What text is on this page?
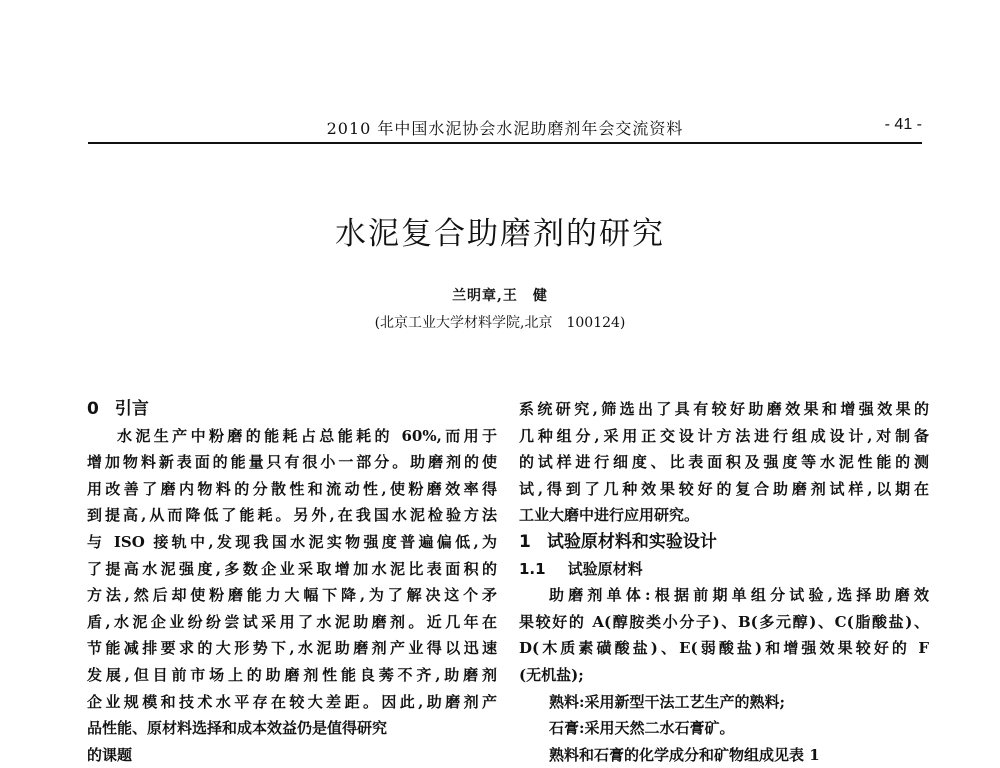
2010 年中国水泥协会水泥助磨剂年会交流资料	- 41 -
水泥复合助磨剂的研究
兰明章,王　健
(北京工业大学材料学院,北京　100124)
0 引言
水泥生产中粉磨的能耗占总能耗的 60%,而用于
增加物料新表面的能量只有很小一部分。助磨剂的使
用改善了磨内物料的分散性和流动性,使粉磨效率得
到提高,从而降低了能耗。另外,在我国水泥检验方法
与 ISO 接轨中,发现我国水泥实物强度普遍偏低,为
了提高水泥强度,多数企业采取增加水泥比表面积的
方法,然后却使粉磨能力大幅下降,为了解决这个矛
盾,水泥企业纷纷尝试采用了水泥助磨剂。近几年在
节能减排要求的大形势下,水泥助磨剂产业得以迅速
发展,但目前市场上的助磨剂性能良莠不齐,助磨剂
企业规模和技术水平存在较大差距。因此,助磨剂产
品性能、原材料选择和成本效益仍是值得研究
的课题
系统研究,筛选出了具有较好助磨效果和增强效果的
几种组分,采用正交设计方法进行组成设计,对制备
的试样进行细度、比表面积及强度等水泥性能的测
试,得到了几种效果较好的复合助磨剂试样,以期在
工业大磨中进行应用研究。
1 试验原材料和实验设计
1.1 试验原材料
助磨剂单体:根据前期单组分试验,选择助磨效
果较好的 A(醇胺类小分子)、B(多元醇)、C(脂酸盐)、
D(木质素磺酸盐)、E(弱酸盐)和增强效果较好的 F
(无机盐);
熟料:采用新型干法工艺生产的熟料;
石膏:采用天然二水石膏矿。
熟料和石膏的化学成分和矿物组成见表 1
